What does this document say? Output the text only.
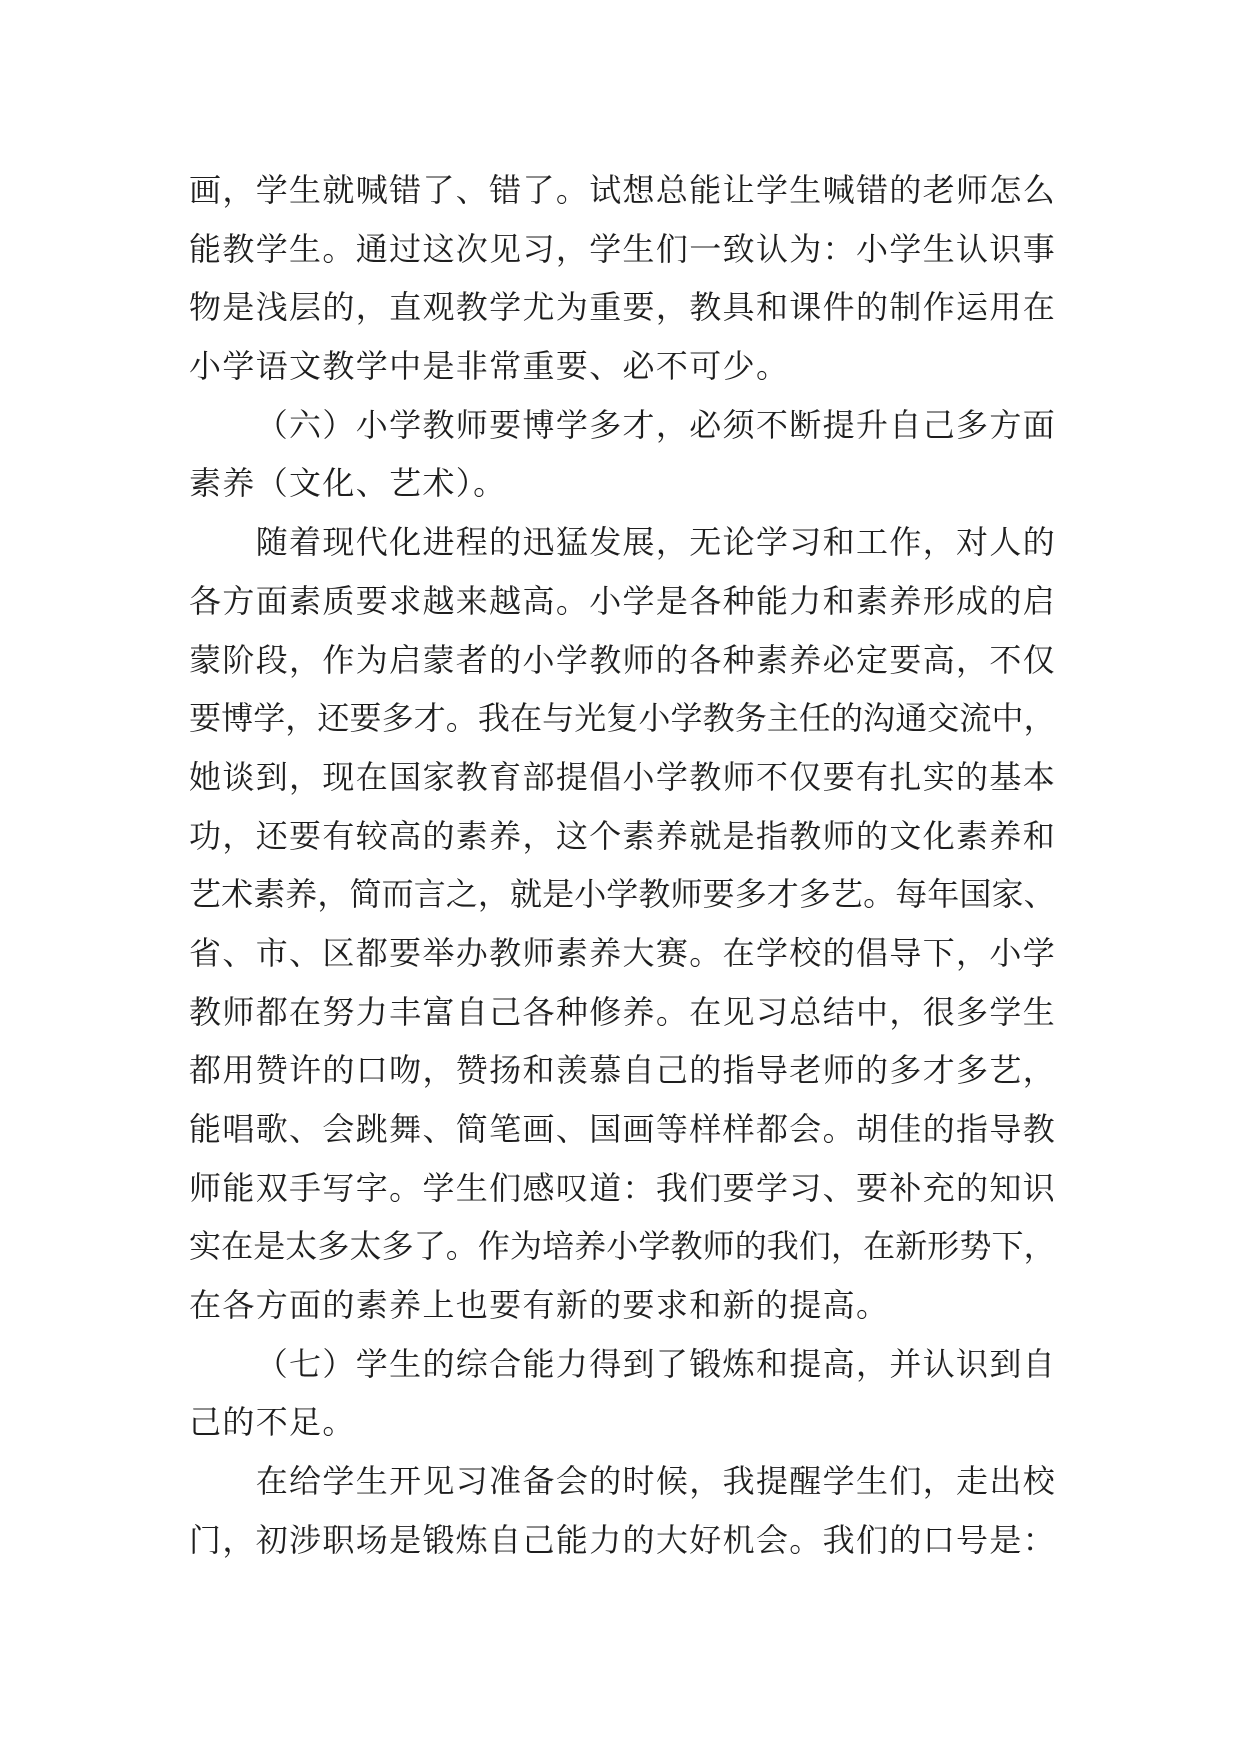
画，学生就喊错了、错了。试想总能让学生喊错的老师怎么
能教学生。通过这次见习，学生们一致认为：小学生认识事
物是浅层的，直观教学尤为重要，教具和课件的制作运用在
小学语文教学中是非常重要、必不可少。
（六）小学教师要博学多才，必须不断提升自己多方面
素养（文化、艺术）。
随着现代化进程的迅猛发展，无论学习和工作，对人的
各方面素质要求越来越高。小学是各种能力和素养形成的启
蒙阶段，作为启蒙者的小学教师的各种素养必定要高，不仅
要博学，还要多才。我在与光复小学教务主任的沟通交流中，
她谈到，现在国家教育部提倡小学教师不仅要有扎实的基本
功，还要有较高的素养，这个素养就是指教师的文化素养和
艺术素养，简而言之，就是小学教师要多才多艺。每年国家、
省、市、区都要举办教师素养大赛。在学校的倡导下，小学
教师都在努力丰富自己各种修养。在见习总结中，很多学生
都用赞许的口吻，赞扬和羡慕自己的指导老师的多才多艺，
能唱歌、会跳舞、简笔画、国画等样样都会。胡佳的指导教
师能双手写字。学生们感叹道：我们要学习、要补充的知识
实在是太多太多了。作为培养小学教师的我们，在新形势下，
在各方面的素养上也要有新的要求和新的提高。
（七）学生的综合能力得到了锻炼和提高，并认识到自
己的不足。
在给学生开见习准备会的时候，我提醒学生们，走出校
门，初涉职场是锻炼自己能力的大好机会。我们的口号是：
